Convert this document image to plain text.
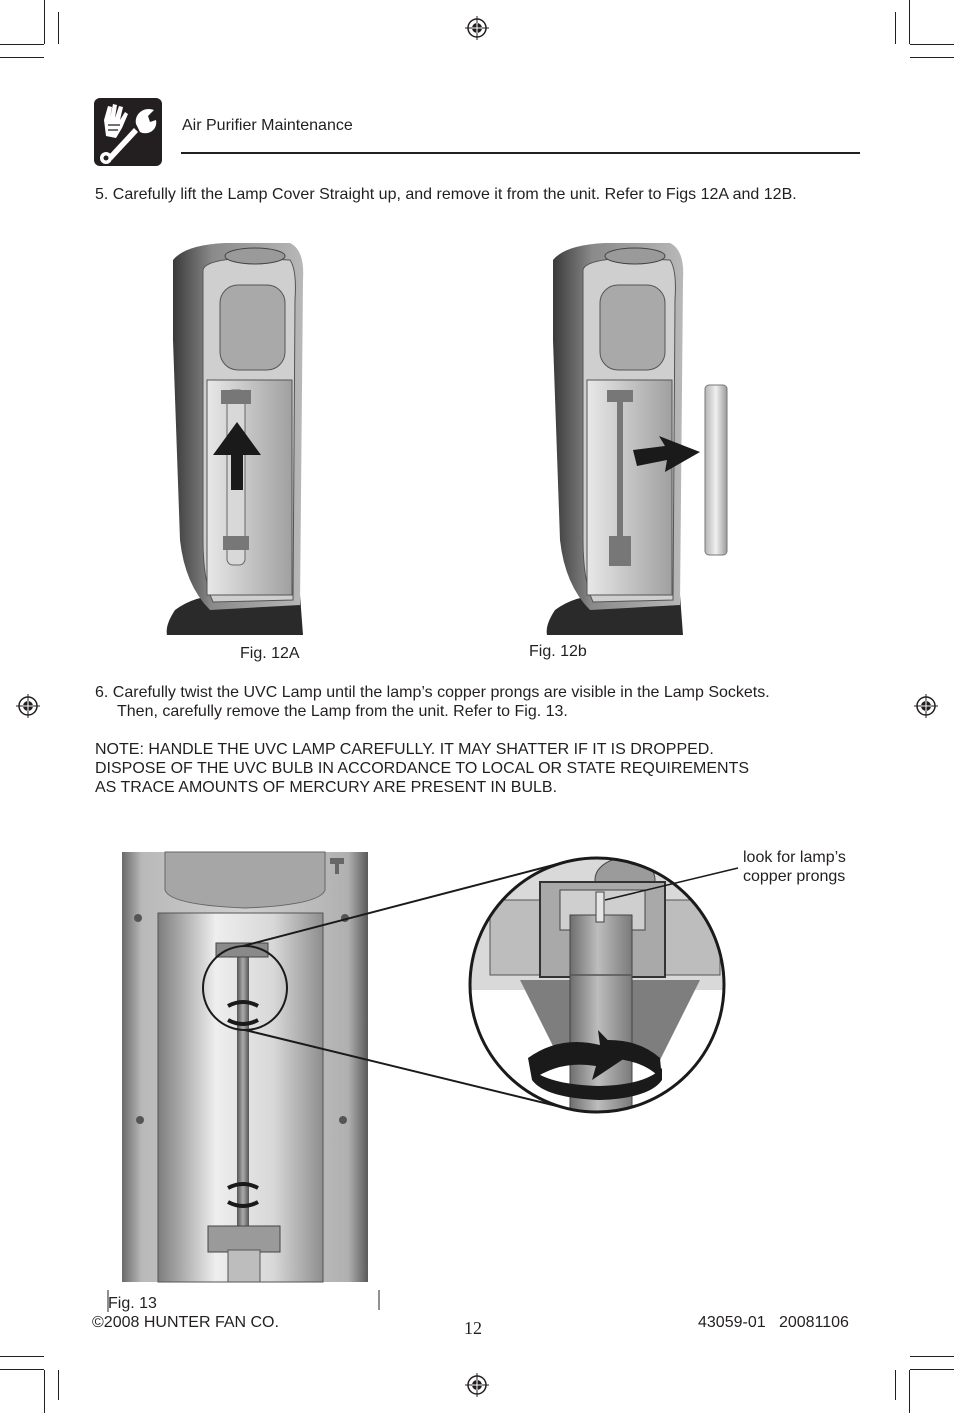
Air Purifier Maintenance
5. Carefully lift the Lamp Cover Straight up, and remove it from the unit. Refer to Figs 12A and 12B.
Fig. 12A	Fig. 12b
6. Carefully twist the UVC Lamp until the lamp’s copper prongs are visible in the Lamp Sockets.
Then, carefully remove the Lamp from the unit. Refer to Fig. 13.
NOTE: HANDLE THE UVC LAMP CAREFULLY. IT MAY SHATTER IF IT IS DROPPED.
DISPOSE OF THE UVC BULB IN ACCORDANCE TO LOCAL OR STATE REQUIREMENTS
AS TRACE AMOUNTS OF MERCURY ARE PRESENT IN BULB.
look for lamp’s
copper prongs
Fig. 13
©2008 HUNTER FAN CO.	12	43059-01   20081106
